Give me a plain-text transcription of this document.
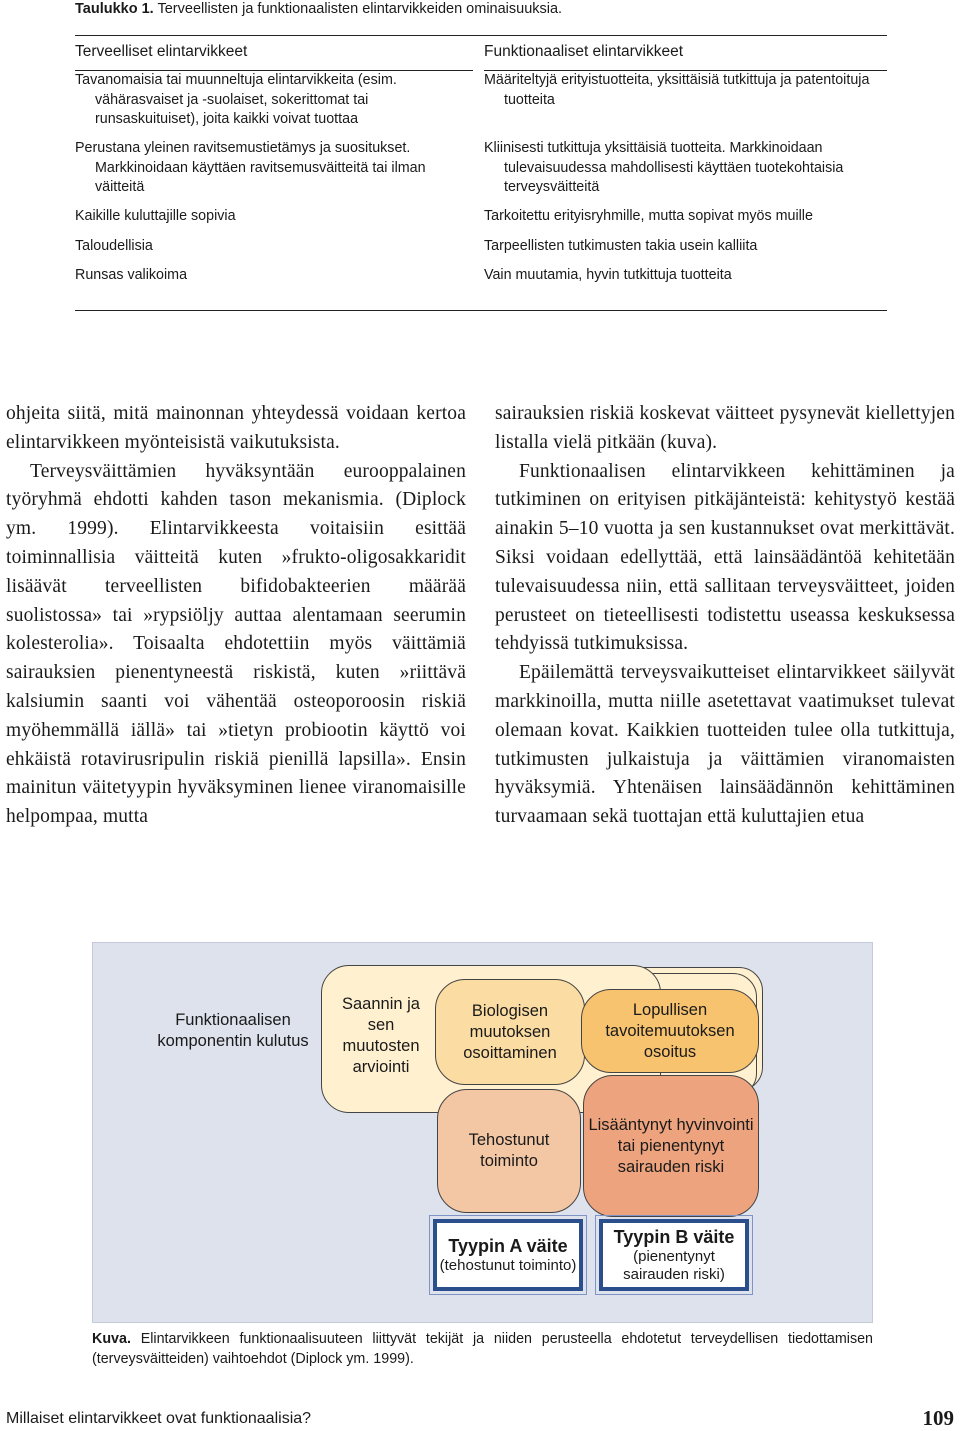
Taulukko 1. Terveellisten ja funktionaalisten elintarvikkeiden ominaisuuksia.
Terveelliset elintarvikkeet
Tavanomaisia tai muunneltuja elintarvikkeita (esim. vähärasvaiset ja -suolaiset, sokerittomat tai runsaskuituiset), joita kaikki voivat tuottaa
Perustana yleinen ravitsemustietämys ja suositukset. Markkinoidaan käyttäen ravitsemusväitteitä tai ilman väitteitä
Kaikille kuluttajille sopivia
Taloudellisia
Runsas valikoima
Funktionaaliset elintarvikkeet
Määriteltyjä erityistuotteita, yksittäisiä tutkittuja ja patentoituja tuotteita
Kliinisesti tutkittuja yksittäisiä tuotteita. Markkinoidaan tulevaisuudessa mahdollisesti käyttäen tuotekohtaisia terveysväitteitä
Tarkoitettu erityisryhmille, mutta sopivat myös muille
Tarpeellisten tutkimusten takia usein kalliita
Vain muutamia, hyvin tutkittuja tuotteita

ohjeita siitä, mitä mainonnan yhteydessä voidaan kertoa elintarvikkeen myönteisistä vaikutuksista.

Terveysväittämien hyväksyntään eurooppalainen työryhmä ehdotti kahden tason mekanismia. (Diplock ym. 1999). Elintarvikkeesta voitaisiin esittää toiminnallisia väitteitä kuten »frukto-oligosakkaridit lisäävät terveellisten bifidobakteerien määrää suolistossa» tai »rypsiöljy auttaa alentamaan seerumin kolesterolia». Toisaalta ehdotettiin myös väittämiä sairauksien pienentyneestä riskistä, kuten »riittävä kalsiumin saanti voi vähentää osteoporoosin riskiä myöhemmällä iällä» tai »tietyn probiootin käyttö voi ehkäistä rotavirusripulin riskiä pienillä lapsilla». Ensin mainitun väitetyypin hyväksyminen lienee viranomaisille helpompaa, mutta

sairauksien riskiä koskevat väitteet pysynevät kiellettyjen listalla vielä pitkään (kuva).

Funktionaalisen elintarvikkeen kehittäminen ja tutkiminen on erityisen pitkäjänteistä: kehitystyö kestää ainakin 5–10 vuotta ja sen kustannukset ovat merkittävät. Siksi voidaan edellyttää, että lainsäädäntöä kehitetään tulevaisuudessa niin, että sallitaan terveysväitteet, joiden perusteet on tieteellisesti todistettu useassa keskuksessa tehdyissä tutkimuksissa.

Epäilemättä terveysvaikutteiset elintarvikkeet säilyvät markkinoilla, mutta niille asetettavat vaatimukset tulevat olemaan kovat. Kaikkien tuotteiden tulee olla tutkittuja, tutkimusten julkaistuja ja väittämien viranomaisten hyväksymiä. Yhtenäisen lainsäädännön kehittäminen turvaamaan sekä tuottajan että kuluttajien etua

Funktionaalisen komponentin kulutus
Saannin ja sen muutosten arviointi
Biologisen muutoksen osoittaminen
Lopullisen tavoitemuutoksen osoitus
Tehostunut toiminto
Lisääntynyt hyvinvointi tai pienentynyt sairauden riski
Tyypin A väite
(tehostunut toiminto)
Tyypin B väite
(pienentynyt sairauden riski)
Kuva. Elintarvikkeen funktionaalisuuteen liittyvät tekijät ja niiden perusteella ehdotetut terveydellisen tiedottamisen (terveysväitteiden) vaihtoehdot (Diplock ym. 1999).
Millaiset elintarvikkeet ovat funktionaalisia?	109
